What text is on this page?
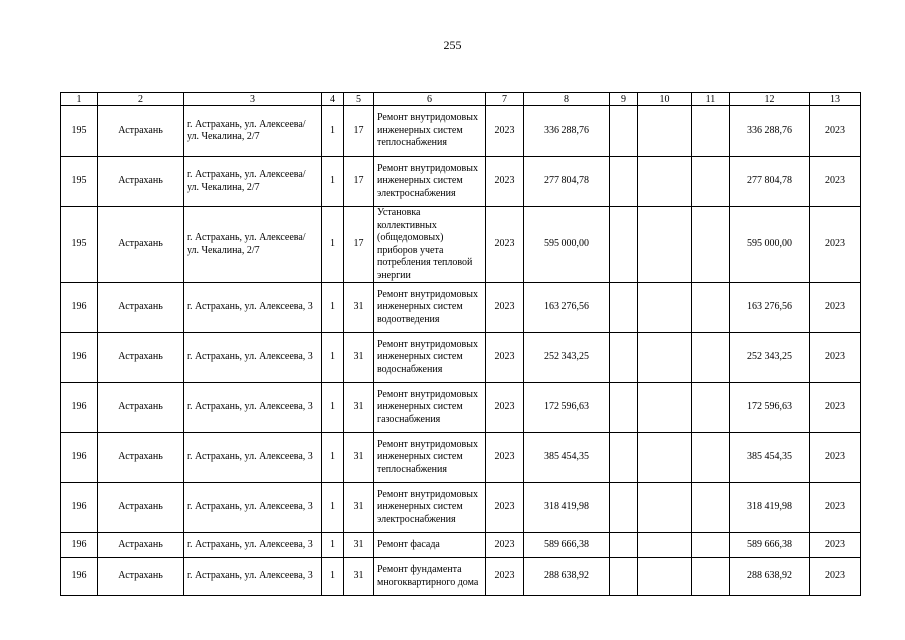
255
1	2	3	4	5	6	7	8	9	10	11	12	13
195	Астрахань	г. Астрахань, ул. Алексеева/ ул. Чекалина, 2/7	1	17	Ремонт внутридомовых инженерных систем теплоснабжения	2023	336 288,76				336 288,76	2023
195	Астрахань	г. Астрахань, ул. Алексеева/ ул. Чекалина, 2/7	1	17	Ремонт внутридомовых инженерных систем электроснабжения	2023	277 804,78				277 804,78	2023
195	Астрахань	г. Астрахань, ул. Алексеева/ ул. Чекалина, 2/7	1	17	Установка коллективных (общедомовых) приборов учета потребления тепловой энергии	2023	595 000,00				595 000,00	2023
196	Астрахань	г. Астрахань, ул. Алексеева, 3	1	31	Ремонт внутридомовых инженерных систем водоотведения	2023	163 276,56				163 276,56	2023
196	Астрахань	г. Астрахань, ул. Алексеева, 3	1	31	Ремонт внутридомовых инженерных систем водоснабжения	2023	252 343,25				252 343,25	2023
196	Астрахань	г. Астрахань, ул. Алексеева, 3	1	31	Ремонт внутридомовых инженерных систем газоснабжения	2023	172 596,63				172 596,63	2023
196	Астрахань	г. Астрахань, ул. Алексеева, 3	1	31	Ремонт внутридомовых инженерных систем теплоснабжения	2023	385 454,35				385 454,35	2023
196	Астрахань	г. Астрахань, ул. Алексеева, 3	1	31	Ремонт внутридомовых инженерных систем электроснабжения	2023	318 419,98				318 419,98	2023
196	Астрахань	г. Астрахань, ул. Алексеева, 3	1	31	Ремонт фасада	2023	589 666,38				589 666,38	2023
196	Астрахань	г. Астрахань, ул. Алексеева, 3	1	31	Ремонт фундамента многоквартирного дома	2023	288 638,92				288 638,92	2023
